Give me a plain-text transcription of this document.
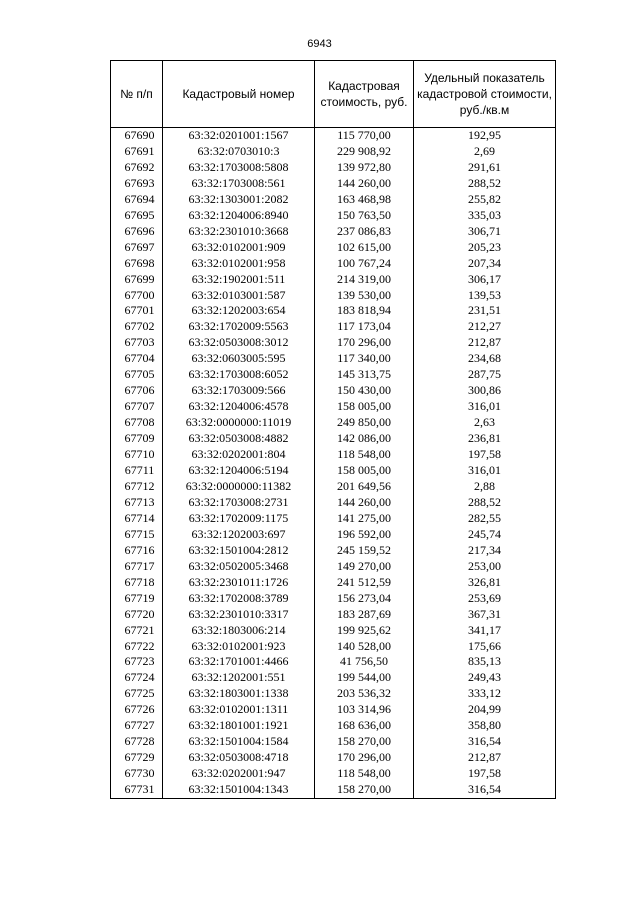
6943
№ п/п	Кадастровый номер	Кадастровая стоимость, руб.	Удельный показатель кадастровой стоимости, руб./кв.м
67690	63:32:0201001:1567	115 770,00	192,95
67691	63:32:0703010:3	229 908,92	2,69
67692	63:32:1703008:5808	139 972,80	291,61
67693	63:32:1703008:561	144 260,00	288,52
67694	63:32:1303001:2082	163 468,98	255,82
67695	63:32:1204006:8940	150 763,50	335,03
67696	63:32:2301010:3668	237 086,83	306,71
67697	63:32:0102001:909	102 615,00	205,23
67698	63:32:0102001:958	100 767,24	207,34
67699	63:32:1902001:511	214 319,00	306,17
67700	63:32:0103001:587	139 530,00	139,53
67701	63:32:1202003:654	183 818,94	231,51
67702	63:32:1702009:5563	117 173,04	212,27
67703	63:32:0503008:3012	170 296,00	212,87
67704	63:32:0603005:595	117 340,00	234,68
67705	63:32:1703008:6052	145 313,75	287,75
67706	63:32:1703009:566	150 430,00	300,86
67707	63:32:1204006:4578	158 005,00	316,01
67708	63:32:0000000:11019	249 850,00	2,63
67709	63:32:0503008:4882	142 086,00	236,81
67710	63:32:0202001:804	118 548,00	197,58
67711	63:32:1204006:5194	158 005,00	316,01
67712	63:32:0000000:11382	201 649,56	2,88
67713	63:32:1703008:2731	144 260,00	288,52
67714	63:32:1702009:1175	141 275,00	282,55
67715	63:32:1202003:697	196 592,00	245,74
67716	63:32:1501004:2812	245 159,52	217,34
67717	63:32:0502005:3468	149 270,00	253,00
67718	63:32:2301011:1726	241 512,59	326,81
67719	63:32:1702008:3789	156 273,04	253,69
67720	63:32:2301010:3317	183 287,69	367,31
67721	63:32:1803006:214	199 925,62	341,17
67722	63:32:0102001:923	140 528,00	175,66
67723	63:32:1701001:4466	41 756,50	835,13
67724	63:32:1202001:551	199 544,00	249,43
67725	63:32:1803001:1338	203 536,32	333,12
67726	63:32:0102001:1311	103 314,96	204,99
67727	63:32:1801001:1921	168 636,00	358,80
67728	63:32:1501004:1584	158 270,00	316,54
67729	63:32:0503008:4718	170 296,00	212,87
67730	63:32:0202001:947	118 548,00	197,58
67731	63:32:1501004:1343	158 270,00	316,54
